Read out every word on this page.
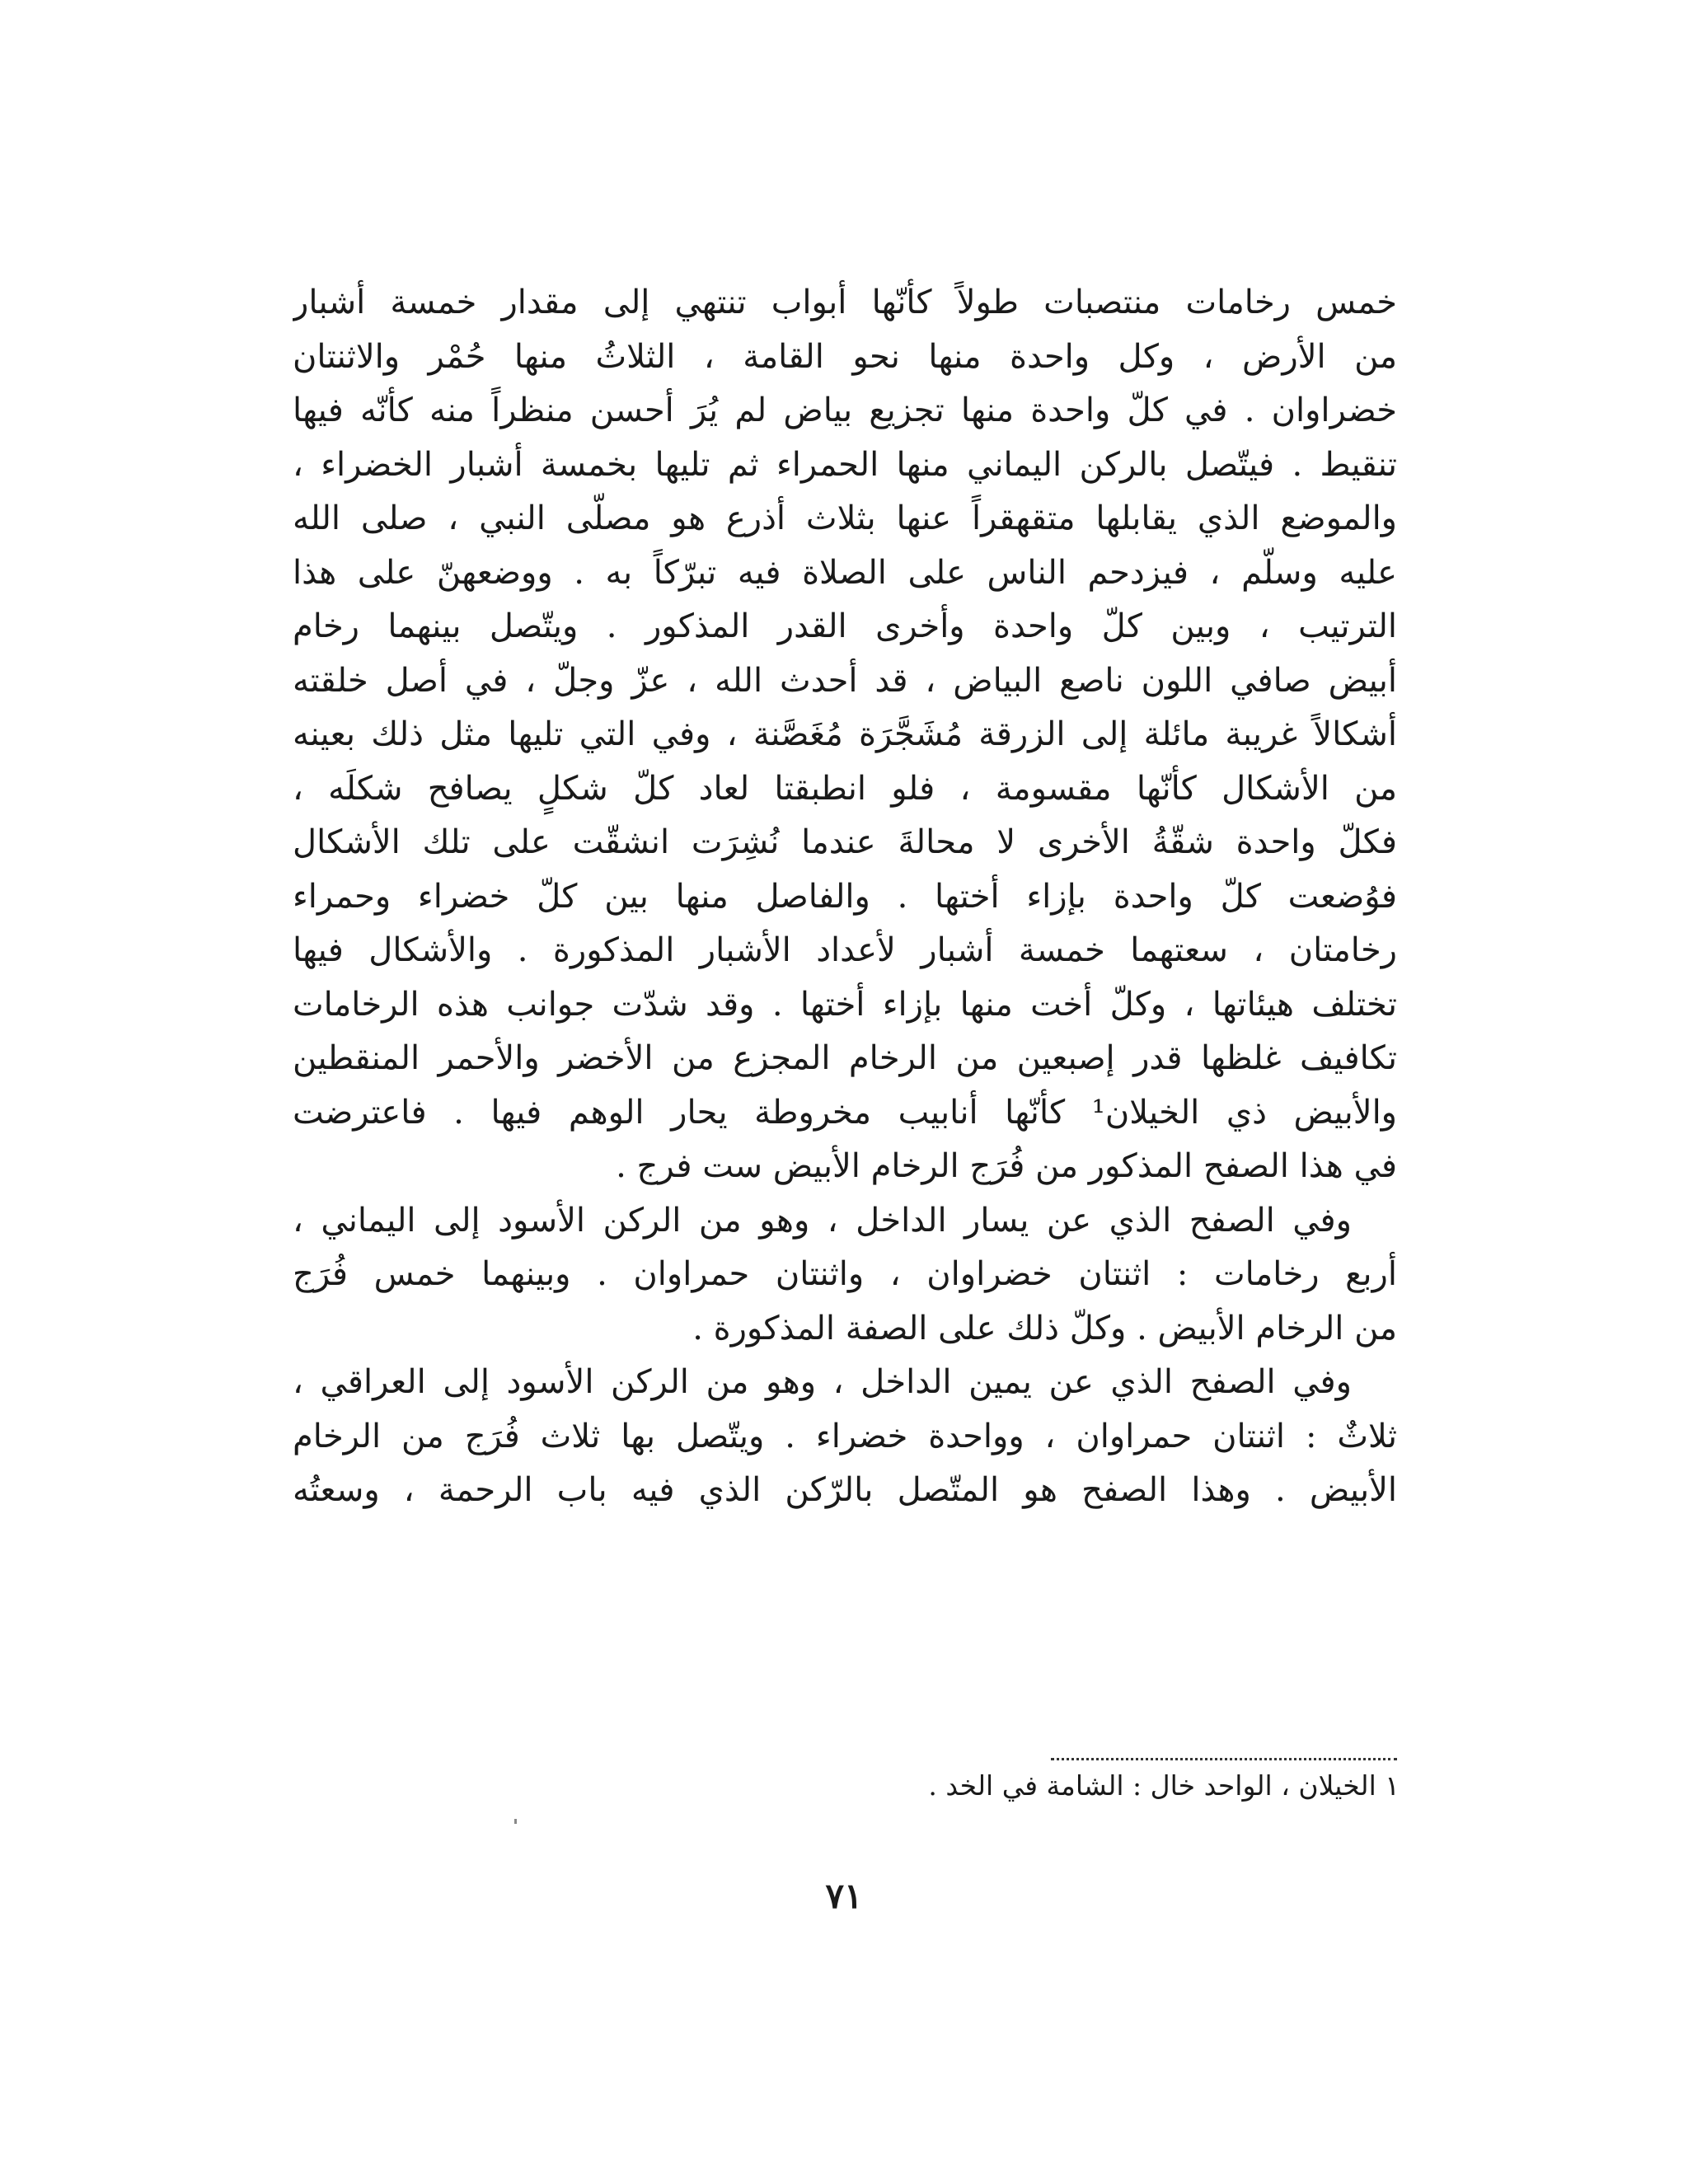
خمس رخامات منتصبات طولاً كأنّها أبواب تنتهي إلى مقدار خمسة أشبار
من الأرض ، وكل واحدة منها نحو القامة ، الثلاثُ منها حُمْر والاثنتان
خضراوان . في كلّ واحدة منها تجزيع بياض لم يُرَ أحسن منظراً منه كأنّه فيها
تنقيط . فيتّصل بالركن اليماني منها الحمراء ثم تليها بخمسة أشبار الخضراء ،
والموضع الذي يقابلها متقهقراً عنها بثلاث أذرع هو مصلّى النبي ، صلى الله
عليه وسلّم ، فيزدحم الناس على الصلاة فيه تبرّكاً به . ووضعهنّ على هذا
الترتيب ، وبين كلّ واحدة وأخرى القدر المذكور . ويتّصل بينهما رخام
أبيض صافي اللون ناصع البياض ، قد أحدث الله ، عزّ وجلّ ، في أصل خلقته
أشكالاً غريبة مائلة إلى الزرقة مُشَجَّرَة مُغَصَّنة ، وفي التي تليها مثل ذلك بعينه
من الأشكال كأنّها مقسومة ، فلو انطبقتا لعاد كلّ شكلٍ يصافح شكلَه ،
فكلّ واحدة شقّةُ الأخرى لا محالةَ عندما نُشِرَت انشقّت على تلك الأشكال
فوُضعت كلّ واحدة بإزاء أختها . والفاصل منها بين كلّ خضراء وحمراء
رخامتان ، سعتهما خمسة أشبار لأعداد الأشبار المذكورة . والأشكال فيها
تختلف هيئاتها ، وكلّ أخت منها بإزاء أختها . وقد شدّت جوانب هذه الرخامات
تكافيف غلظها قدر إصبعين من الرخام المجزع من الأخضر والأحمر المنقطين
والأبيض ذي الخيلان¹ كأنّها أنابيب مخروطة يحار الوهم فيها . فاعترضت
في هذا الصفح المذكور من فُرَج الرخام الأبيض ست فرج .
وفي الصفح الذي عن يسار الداخل ، وهو من الركن الأسود إلى اليماني ،
أربع رخامات : اثنتان خضراوان ، واثنتان حمراوان . وبينهما خمس فُرَج
من الرخام الأبيض . وكلّ ذلك على الصفة المذكورة .
وفي الصفح الذي عن يمين الداخل ، وهو من الركن الأسود إلى العراقي ،
ثلاثٌ : اثنتان حمراوان ، وواحدة خضراء . ويتّصل بها ثلاث فُرَج من الرخام
الأبيض . وهذا الصفح هو المتّصل بالرّكن الذي فيه باب الرحمة ، وسعتُه
١ الخيلان ، الواحد خال : الشامة في الخد .
٧١
